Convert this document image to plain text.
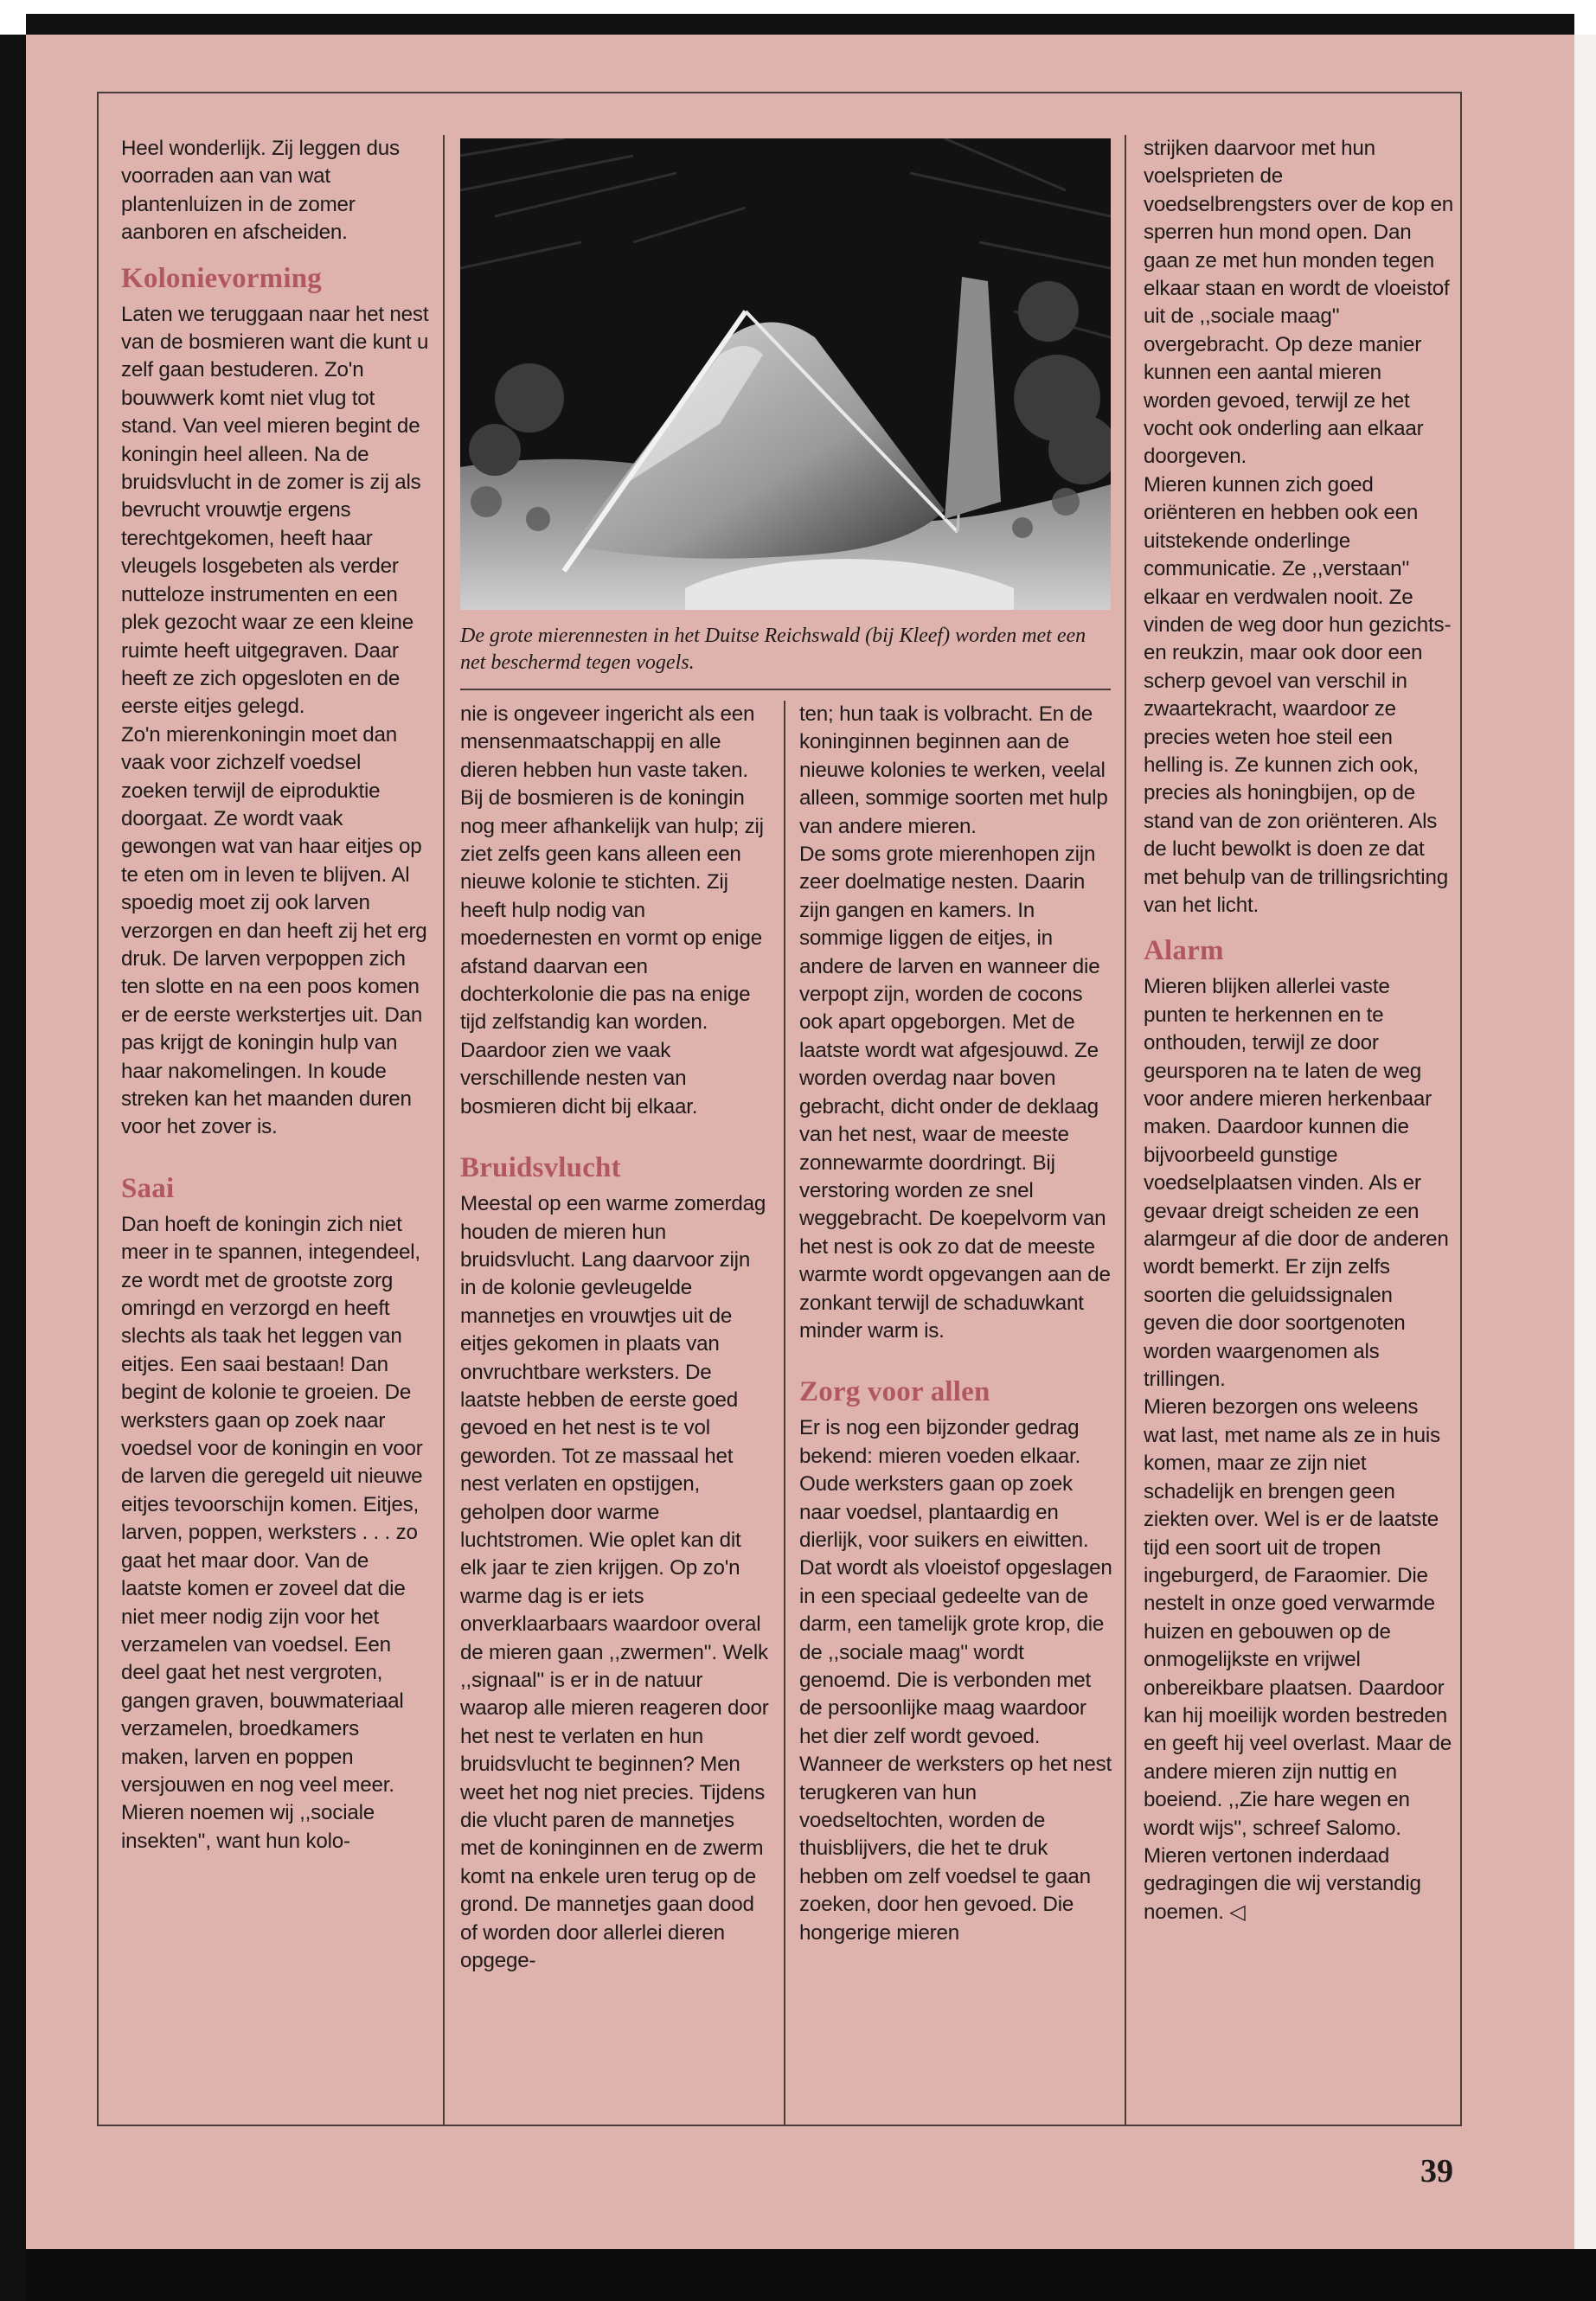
Heel wonderlijk. Zij leggen dus voorraden aan van wat plantenluizen in de zomer aanboren en afscheiden.

Kolonievorming

Laten we teruggaan naar het nest van de bosmieren want die kunt u zelf gaan bestuderen. Zo'n bouwwerk komt niet vlug tot stand. Van veel mieren begint de koningin heel alleen. Na de bruidsvlucht in de zomer is zij als bevrucht vrouwtje ergens terechtgekomen, heeft haar vleugels losgebeten als verder nutteloze instrumenten en een plek gezocht waar ze een kleine ruimte heeft uitgegraven. Daar heeft ze zich opgesloten en de eerste eitjes gelegd.

Zo'n mierenkoningin moet dan vaak voor zichzelf voedsel zoeken terwijl de eiproduktie doorgaat. Ze wordt vaak gewongen wat van haar eitjes op te eten om in leven te blijven. Al spoedig moet zij ook larven verzorgen en dan heeft zij het erg druk. De larven verpoppen zich ten slotte en na een poos komen er de eerste werkstertjes uit. Dan pas krijgt de koningin hulp van haar nakomelingen. In koude streken kan het maanden duren voor het zover is.

Saai

Dan hoeft de koningin zich niet meer in te spannen, integendeel, ze wordt met de grootste zorg omringd en verzorgd en heeft slechts als taak het leggen van eitjes. Een saai bestaan! Dan begint de kolonie te groeien. De werksters gaan op zoek naar voedsel voor de koningin en voor de larven die geregeld uit nieuwe eitjes tevoorschijn komen. Eitjes, larven, poppen, werksters . . . zo gaat het maar door. Van de laatste komen er zoveel dat die niet meer nodig zijn voor het verzamelen van voedsel. Een deel gaat het nest vergroten, gangen graven, bouwmateriaal verzamelen, broedkamers maken, larven en poppen versjouwen en nog veel meer. Mieren noemen wij ,,sociale insekten'', want hun kolo-

De grote mierennesten in het Duitse Reichswald (bij Kleef) worden met een net beschermd tegen vogels.

nie is ongeveer ingericht als een mensenmaatschappij en alle dieren hebben hun vaste taken. Bij de bosmieren is de koningin nog meer afhankelijk van hulp; zij ziet zelfs geen kans alleen een nieuwe kolonie te stichten. Zij heeft hulp nodig van moedernesten en vormt op enige afstand daarvan een dochterkolonie die pas na enige tijd zelfstandig kan worden. Daardoor zien we vaak verschillende nesten van bosmieren dicht bij elkaar.

Bruidsvlucht

Meestal op een warme zomerdag houden de mieren hun bruidsvlucht. Lang daarvoor zijn in de kolonie gevleugelde mannetjes en vrouwtjes uit de eitjes gekomen in plaats van onvruchtbare werksters. De laatste hebben de eerste goed gevoed en het nest is te vol geworden. Tot ze massaal het nest verlaten en opstijgen, geholpen door warme luchtstromen. Wie oplet kan dit elk jaar te zien krijgen. Op zo'n warme dag is er iets onverklaarbaars waardoor overal de mieren gaan ,,zwermen''. Welk ,,signaal'' is er in de natuur waarop alle mieren reageren door het nest te verlaten en hun bruidsvlucht te beginnen? Men weet het nog niet precies. Tijdens die vlucht paren de mannetjes met de koninginnen en de zwerm komt na enkele uren terug op de grond. De mannetjes gaan dood of worden door allerlei dieren opgege-

ten; hun taak is volbracht. En de koninginnen beginnen aan de nieuwe kolonies te werken, veelal alleen, sommige soorten met hulp van andere mieren.

De soms grote mierenhopen zijn zeer doelmatige nesten. Daarin zijn gangen en kamers. In sommige liggen de eitjes, in andere de larven en wanneer die verpopt zijn, worden de cocons ook apart opgeborgen. Met de laatste wordt wat afgesjouwd. Ze worden overdag naar boven gebracht, dicht onder de deklaag van het nest, waar de meeste zonnewarmte doordringt. Bij verstoring worden ze snel weggebracht. De koepelvorm van het nest is ook zo dat de meeste warmte wordt opgevangen aan de zonkant terwijl de schaduwkant minder warm is.

Zorg voor allen

Er is nog een bijzonder gedrag bekend: mieren voeden elkaar. Oude werksters gaan op zoek naar voedsel, plantaardig en dierlijk, voor suikers en eiwitten. Dat wordt als vloeistof opgeslagen in een speciaal gedeelte van de darm, een tamelijk grote krop, die de ,,sociale maag'' wordt genoemd. Die is verbonden met de persoonlijke maag waardoor het dier zelf wordt gevoed. Wanneer de werksters op het nest terugkeren van hun voedseltochten, worden de thuisblijvers, die het te druk hebben om zelf voedsel te gaan zoeken, door hen gevoed. Die hongerige mieren

strijken daarvoor met hun voelsprieten de voedselbrengsters over de kop en sperren hun mond open. Dan gaan ze met hun monden tegen elkaar staan en wordt de vloeistof uit de ,,sociale maag'' overgebracht. Op deze manier kunnen een aantal mieren worden gevoed, terwijl ze het vocht ook onderling aan elkaar doorgeven.

Mieren kunnen zich goed oriënteren en hebben ook een uitstekende onderlinge communicatie. Ze ,,verstaan'' elkaar en verdwalen nooit. Ze vinden de weg door hun gezichts- en reukzin, maar ook door een scherp gevoel van verschil in zwaartekracht, waardoor ze precies weten hoe steil een helling is. Ze kunnen zich ook, precies als honingbijen, op de stand van de zon oriënteren. Als de lucht bewolkt is doen ze dat met behulp van de trillingsrichting van het licht.

Alarm

Mieren blijken allerlei vaste punten te herkennen en te onthouden, terwijl ze door geursporen na te laten de weg voor andere mieren herkenbaar maken. Daardoor kunnen die bijvoorbeeld gunstige voedselplaatsen vinden. Als er gevaar dreigt scheiden ze een alarmgeur af die door de anderen wordt bemerkt. Er zijn zelfs soorten die geluidssignalen geven die door soortgenoten worden waargenomen als trillingen.

Mieren bezorgen ons weleens wat last, met name als ze in huis komen, maar ze zijn niet schadelijk en brengen geen ziekten over. Wel is er de laatste tijd een soort uit de tropen ingeburgerd, de Faraomier. Die nestelt in onze goed verwarmde huizen en gebouwen op de onmogelijkste en vrijwel onbereikbare plaatsen. Daardoor kan hij moeilijk worden bestreden en geeft hij veel overlast. Maar de andere mieren zijn nuttig en boeiend. ,,Zie hare wegen en wordt wijs'', schreef Salomo. Mieren vertonen inderdaad gedragingen die wij verstandig noemen. ◁

39
